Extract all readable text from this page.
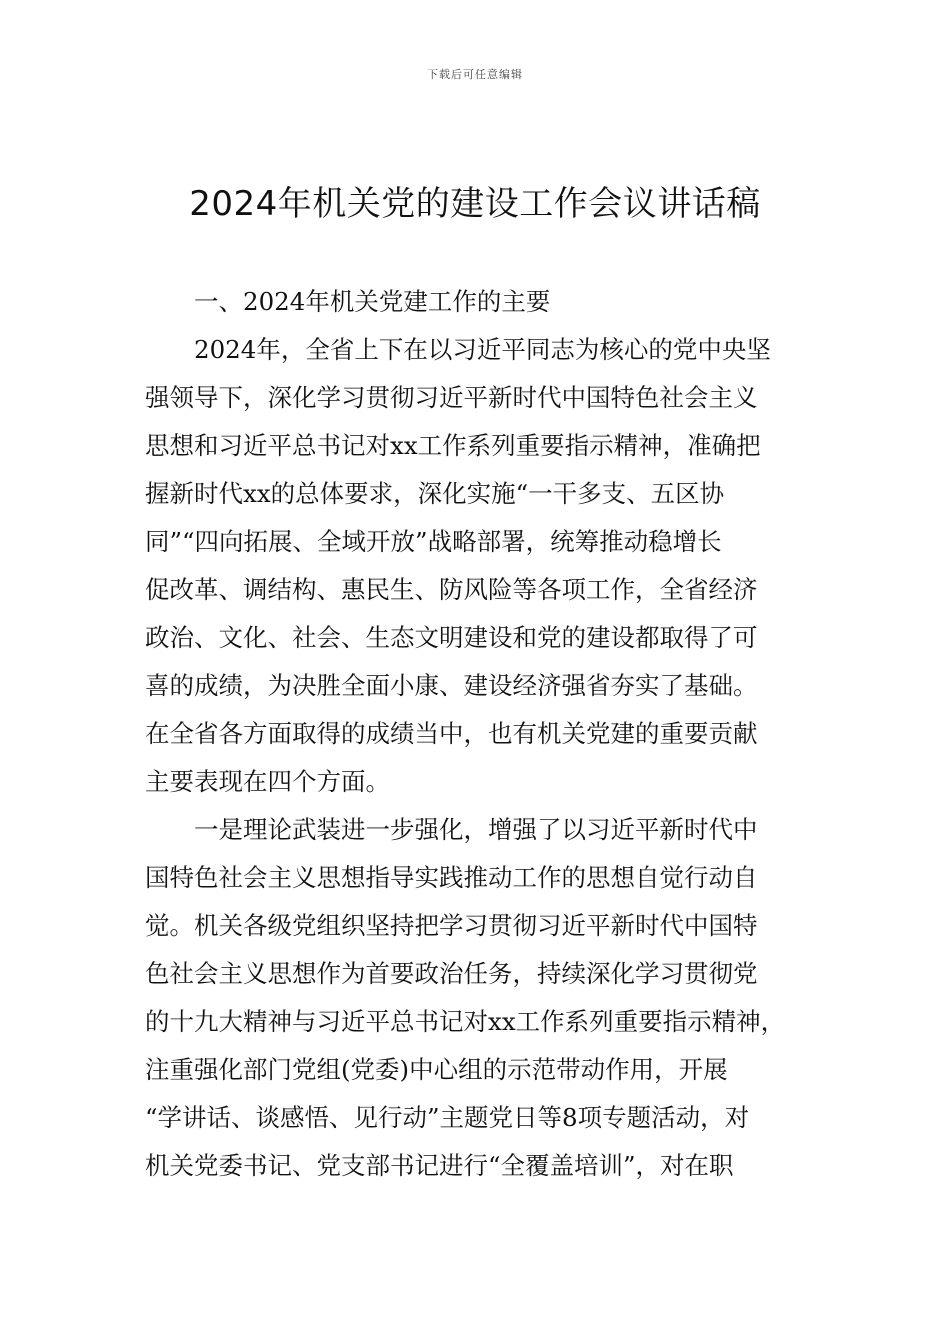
下载后可任意编辑
2024年机关党的建设工作会议讲话稿
一、2024年机关党建工作的主要
2024年，全省上下在以习近平同志为核心的党中央坚
强领导下，深化学习贯彻习近平新时代中国特色社会主义
思想和习近平总书记对xx工作系列重要指示精神，准确把
握新时代xx的总体要求，深化实施“一干多支、五区协
同”“四向拓展、全域开放”战略部署，统筹推动稳增长
促改革、调结构、惠民生、防风险等各项工作，全省经济
政治、文化、社会、生态文明建设和党的建设都取得了可
喜的成绩，为决胜全面小康、建设经济强省夯实了基础。
在全省各方面取得的成绩当中，也有机关党建的重要贡献
主要表现在四个方面。
一是理论武装进一步强化，增强了以习近平新时代中
国特色社会主义思想指导实践推动工作的思想自觉行动自
觉。机关各级党组织坚持把学习贯彻习近平新时代中国特
色社会主义思想作为首要政治任务，持续深化学习贯彻党
的十九大精神与习近平总书记对xx工作系列重要指示精神，
注重强化部门党组(党委)中心组的示范带动作用，开展
“学讲话、谈感悟、见行动”主题党日等8项专题活动，对
机关党委书记、党支部书记进行“全覆盖培训”，对在职
